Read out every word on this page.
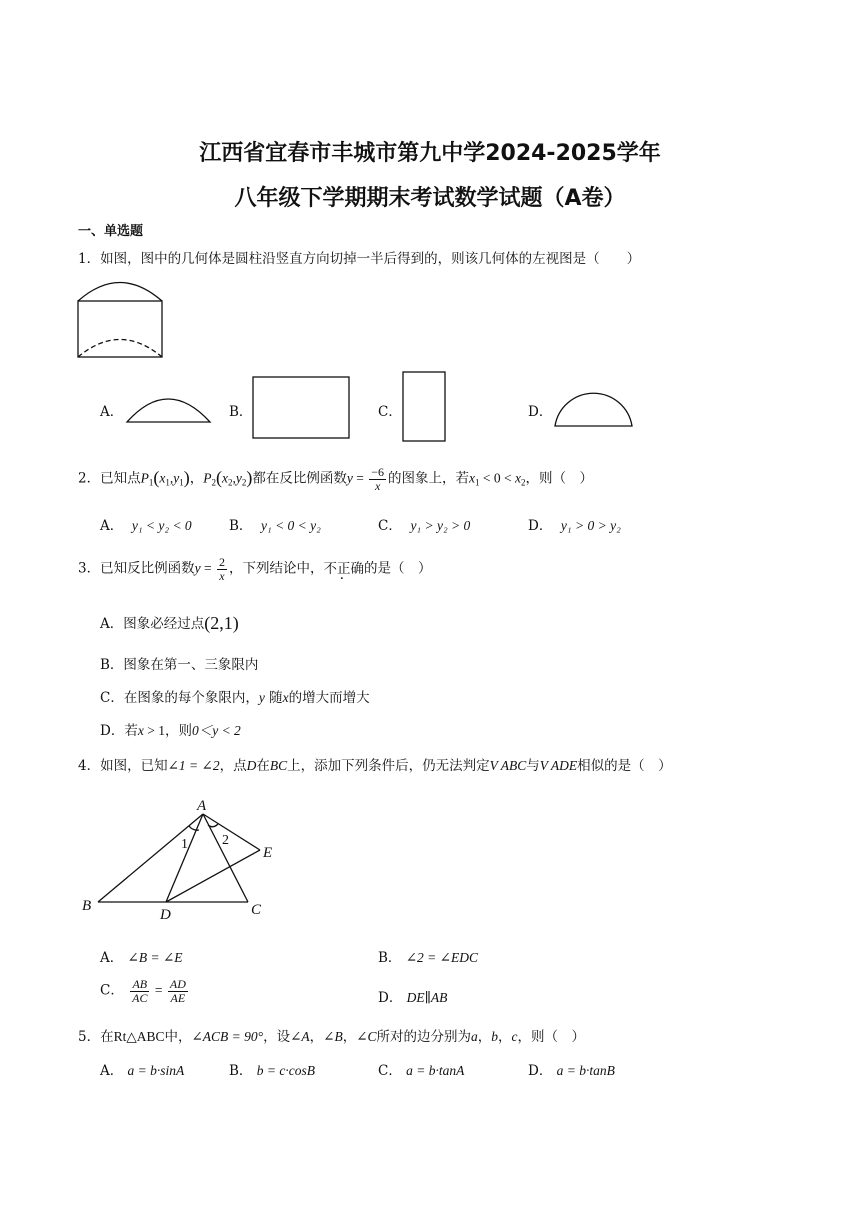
江西省宜春市丰城市第九中学2024-2025学年
八年级下学期期末考试数学试题（A卷）
一、单选题
1．如图，图中的几何体是圆柱沿竖直方向切掉一半后得到的，则该几何体的左视图是（　　）
A．	B．	C．	D．
2．已知点$P_1(x_1,y_1)$，$P_2(x_2,y_2)$都在反比例函数$y = \frac{-6}{x}$ 的图象上，若$x_1 < 0 < x_2$，则（　）
A． y₁ < y₂ < 0	B． y₁ < 0 < y₂	C． y₁ > y₂ > 0	D． y₁ > 0 > y₂
3．已知反比例函数$y = \frac{2}{x}$ ，下列结论中，不正确的是（　）
A．图象必经过点(2,1)
B．图象在第一、三象限内
C．在图象的每个象限内，y 随x的增大而增大
D．若x > 1，则0＜y < 2
4．如图，已知∠1 = ∠2，点D在BC上，添加下列条件后，仍无法判定V ABC与V ADE相似的是（　）
A
B	C
D
E
1 2
A． ∠B = ∠E	B． ∠2 = ∠EDC
C． $\frac{AB}{AC} = \frac{AD}{AE}$	D． DE∥AB
5．在Rt△ABC中，∠ACB = 90°，设∠A，∠B，∠C所对的边分别为a，b，c，则（　）
A． a = b·sinA	B． b = c·cosB	C． a = b·tanA	D． a = b·tanB
